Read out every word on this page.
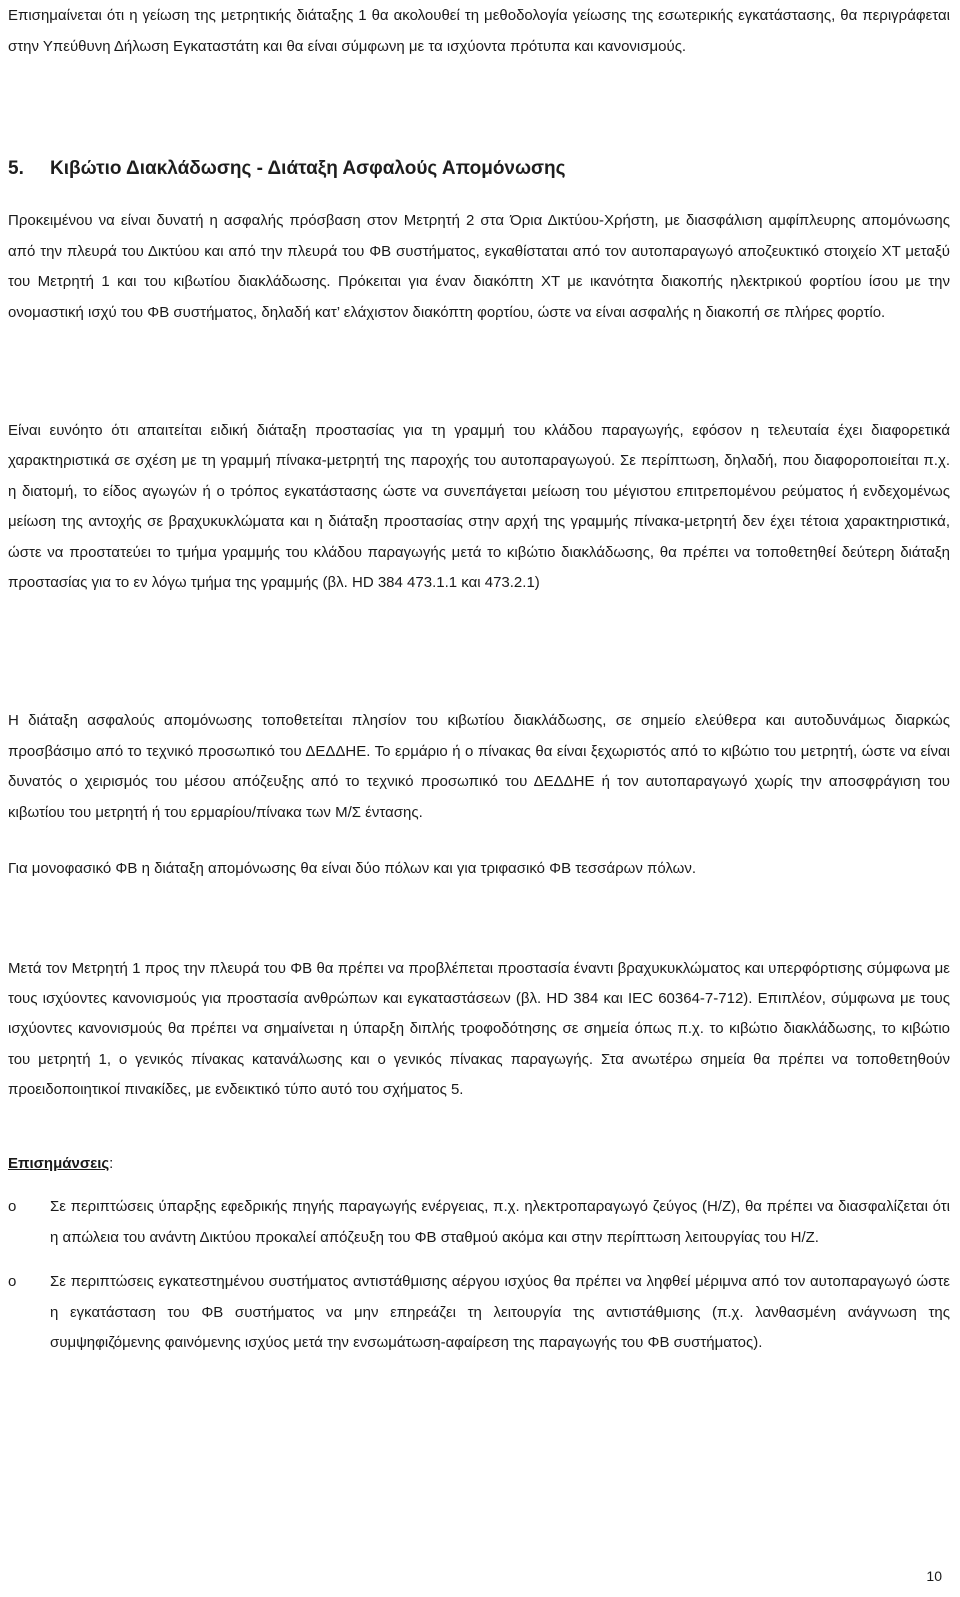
Επισημαίνεται ότι η γείωση της μετρητικής διάταξης 1 θα ακολουθεί τη μεθοδολογία γείωσης της εσωτερικής εγκατάστασης, θα περιγράφεται στην Υπεύθυνη Δήλωση Εγκαταστάτη και θα είναι σύμφωνη με τα ισχύοντα πρότυπα και κανονισμούς.

5. Κιβώτιο Διακλάδωσης - Διάταξη Ασφαλούς Απομόνωσης

Προκειμένου να είναι δυνατή η ασφαλής πρόσβαση στον Μετρητή 2 στα Όρια Δικτύου-Χρήστη, με διασφάλιση αμφίπλευρης απομόνωσης από την πλευρά του Δικτύου και από την πλευρά του ΦΒ συστήματος, εγκαθίσταται από τον αυτοπαραγωγό αποζευκτικό στοιχείο ΧΤ μεταξύ του Μετρητή 1 και του κιβωτίου διακλάδωσης. Πρόκειται για έναν διακόπτη ΧΤ με ικανότητα διακοπής ηλεκτρικού φορτίου ίσου με την ονομαστική ισχύ του ΦΒ συστήματος, δηλαδή κατ’ ελάχιστον διακόπτη φορτίου, ώστε να είναι ασφαλής η διακοπή σε πλήρες φορτίο.

Είναι ευνόητο ότι απαιτείται ειδική διάταξη προστασίας για τη γραμμή του κλάδου παραγωγής, εφόσον η τελευταία έχει διαφορετικά χαρακτηριστικά σε σχέση με τη γραμμή πίνακα-μετρητή της παροχής του αυτοπαραγωγού. Σε περίπτωση, δηλαδή, που διαφοροποιείται π.χ. η διατομή, το είδος αγωγών ή ο τρόπος εγκατάστασης ώστε να συνεπάγεται μείωση του μέγιστου επιτρεπομένου ρεύματος ή ενδεχομένως μείωση της αντοχής σε βραχυκυκλώματα και η διάταξη προστασίας στην αρχή της γραμμής πίνακα-μετρητή δεν έχει τέτοια χαρακτηριστικά, ώστε να προστατεύει το τμήμα γραμμής του κλάδου παραγωγής μετά το κιβώτιο διακλάδωσης, θα πρέπει να τοποθετηθεί δεύτερη διάταξη προστασίας για το εν λόγω τμήμα της γραμμής (βλ. HD 384 473.1.1 και 473.2.1)

Η διάταξη ασφαλούς απομόνωσης τοποθετείται πλησίον του κιβωτίου διακλάδωσης, σε σημείο ελεύθερα και αυτοδυνάμως διαρκώς προσβάσιμο από το τεχνικό προσωπικό του ΔΕΔΔΗΕ. Το ερμάριο ή ο πίνακας θα είναι ξεχωριστός από το κιβώτιο του μετρητή, ώστε να είναι δυνατός ο χειρισμός του μέσου απόζευξης από το τεχνικό προσωπικό του ΔΕΔΔΗΕ ή τον αυτοπαραγωγό χωρίς την αποσφράγιση του κιβωτίου του μετρητή ή του ερμαρίου/πίνακα των Μ/Σ έντασης.

Για μονοφασικό ΦΒ η διάταξη απομόνωσης θα είναι δύο πόλων και για τριφασικό ΦΒ τεσσάρων πόλων.

Μετά τον Μετρητή 1 προς την πλευρά του ΦΒ θα πρέπει να προβλέπεται προστασία έναντι βραχυκυκλώματος και υπερφόρτισης σύμφωνα με τους ισχύοντες κανονισμούς για προστασία ανθρώπων και εγκαταστάσεων (βλ. HD 384 και IEC 60364-7-712). Επιπλέον, σύμφωνα με τους ισχύοντες κανονισμούς θα πρέπει να σημαίνεται η ύπαρξη διπλής τροφοδότησης σε σημεία όπως π.χ. το κιβώτιο διακλάδωσης, το κιβώτιο του μετρητή 1, ο γενικός πίνακας κατανάλωσης και ο γενικός πίνακας παραγωγής. Στα ανωτέρω σημεία θα πρέπει να τοποθετηθούν προειδοποιητικοί πινακίδες, με ενδεικτικό τύπο αυτό του σχήματος 5.

Επισημάνσεις:

o	Σε περιπτώσεις ύπαρξης εφεδρικής πηγής παραγωγής ενέργειας, π.χ. ηλεκτροπαραγωγό ζεύγος (Η/Ζ), θα πρέπει να διασφαλίζεται ότι η απώλεια του ανάντη Δικτύου προκαλεί απόζευξη του ΦΒ σταθμού ακόμα και στην περίπτωση λειτουργίας του Η/Ζ.
o	Σε περιπτώσεις εγκατεστημένου συστήματος αντιστάθμισης αέργου ισχύος θα πρέπει να ληφθεί μέριμνα από τον αυτοπαραγωγό ώστε η εγκατάσταση του ΦΒ συστήματος να μην επηρεάζει τη λειτουργία της αντιστάθμισης (π.χ. λανθασμένη ανάγνωση της συμψηφιζόμενης φαινόμενης ισχύος μετά την ενσωμάτωση-αφαίρεση της παραγωγής του ΦΒ συστήματος).
10
